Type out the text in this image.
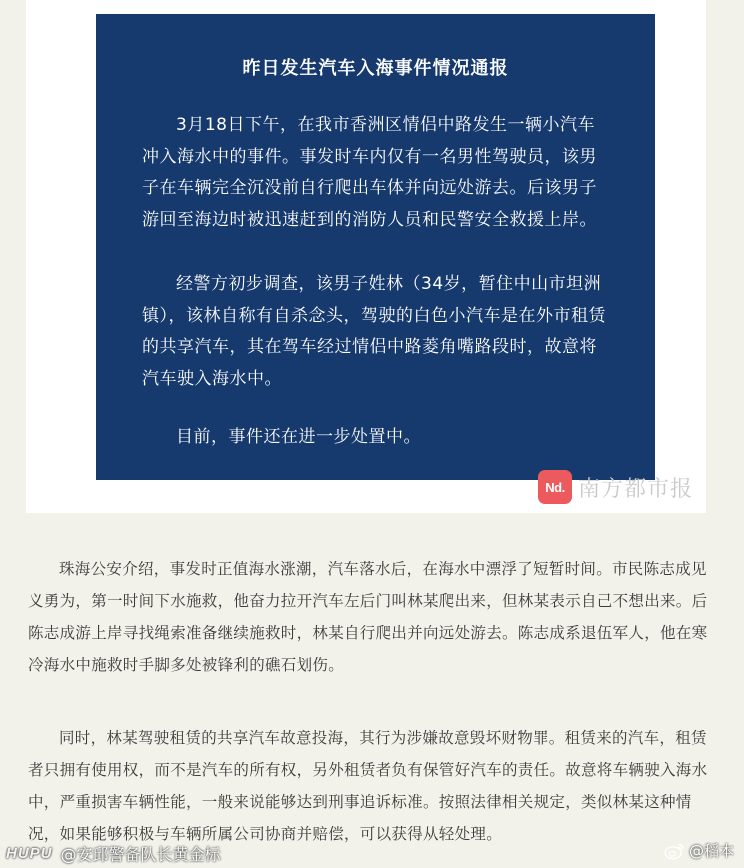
昨日发生汽车入海事件情况通报

3月18日下午，在我市香洲区情侣中路发生一辆小汽车冲入海水中的事件。事发时车内仅有一名男性驾驶员，该男子在车辆完全沉没前自行爬出车体并向远处游去。后该男子游回至海边时被迅速赶到的消防人员和民警安全救援上岸。

经警方初步调查，该男子姓林（34岁，暂住中山市坦洲镇），该林自称有自杀念头，驾驶的白色小汽车是在外市租赁的共享汽车，其在驾车经过情侣中路菱角嘴路段时，故意将汽车驶入海水中。

目前，事件还在进一步处置中。

Nd. 南方都市报

珠海公安介绍，事发时正值海水涨潮，汽车落水后，在海水中漂浮了短暂时间。市民陈志成见义勇为，第一时间下水施救，他奋力拉开汽车左后门叫林某爬出来，但林某表示自己不想出来。后陈志成游上岸寻找绳索准备继续施救时，林某自行爬出并向远处游去。陈志成系退伍军人，他在寒冷海水中施救时手脚多处被锋利的礁石划伤。

同时，林某驾驶租赁的共享汽车故意投海，其行为涉嫌故意毁坏财物罪。租赁来的汽车，租赁者只拥有使用权，而不是汽车的所有权，另外租赁者负有保管好汽车的责任。故意将车辆驶入海水中，严重损害车辆性能，一般来说能够达到刑事追诉标准。按照法律相关规定，类似林某这种情况，如果能够积极与车辆所属公司协商并赔偿，可以获得从轻处理。

HUPU @安邱警备队长黄金标	@稻本
